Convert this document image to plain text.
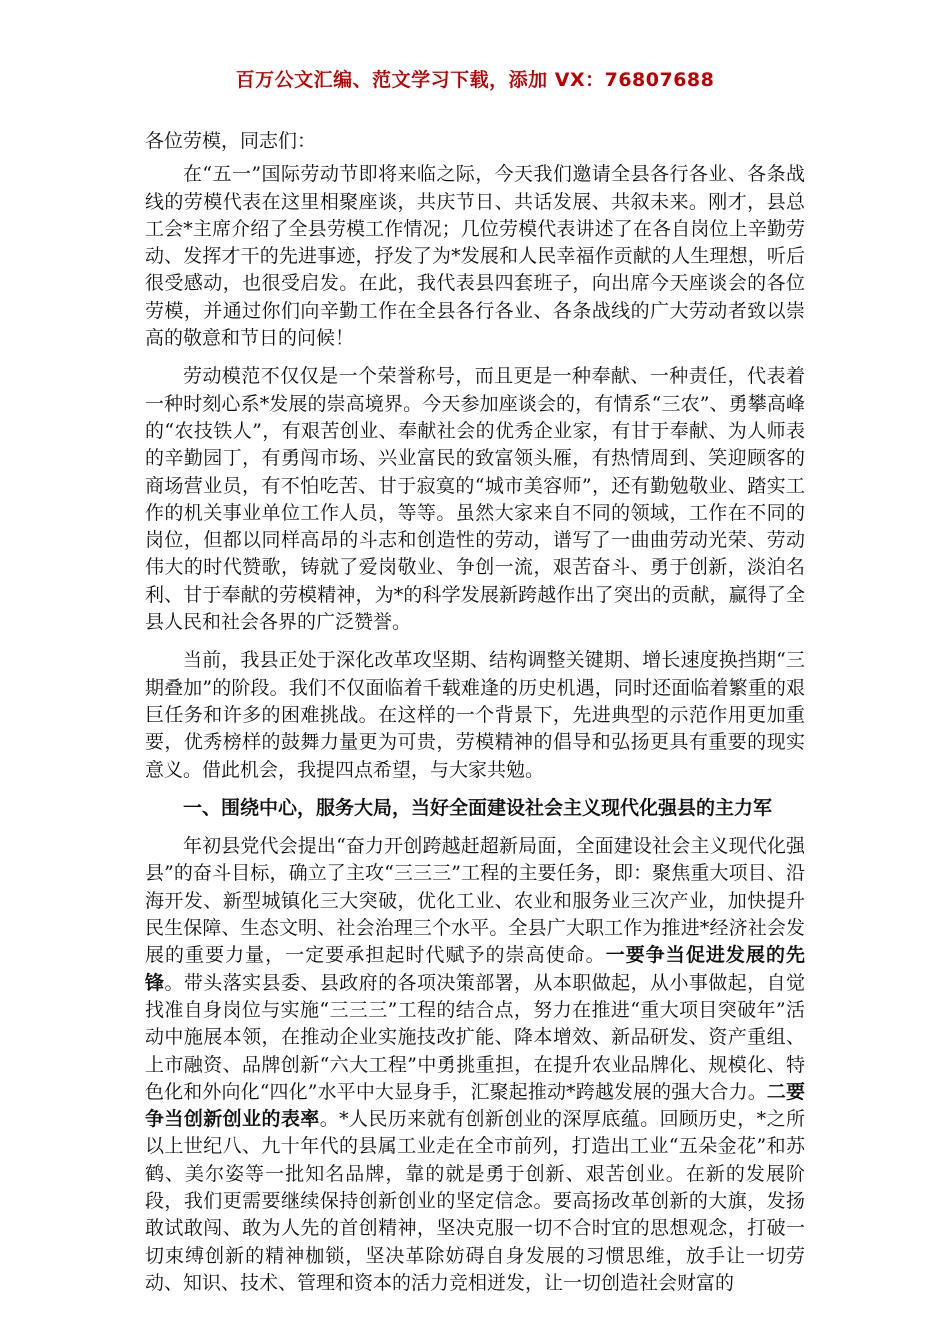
百万公文汇编、范文学习下载，添加 VX：76807688

各位劳模，同志们：

在“五一”国际劳动节即将来临之际，今天我们邀请全县各行各业、各条战线的劳模代表在这里相聚座谈，共庆节日、共话发展、共叙未来。刚才，县总工会*主席介绍了全县劳模工作情况；几位劳模代表讲述了在各自岗位上辛勤劳动、发挥才干的先进事迹，抒发了为*发展和人民幸福作贡献的人生理想，听后很受感动，也很受启发。在此，我代表县四套班子，向出席今天座谈会的各位劳模，并通过你们向辛勤工作在全县各行各业、各条战线的广大劳动者致以崇高的敬意和节日的问候！

劳动模范不仅仅是一个荣誉称号，而且更是一种奉献、一种责任，代表着一种时刻心系*发展的崇高境界。今天参加座谈会的，有情系“三农”、勇攀高峰的“农技铁人”，有艰苦创业、奉献社会的优秀企业家，有甘于奉献、为人师表的辛勤园丁，有勇闯市场、兴业富民的致富领头雁，有热情周到、笑迎顾客的商场营业员，有不怕吃苦、甘于寂寞的“城市美容师”，还有勤勉敬业、踏实工作的机关事业单位工作人员，等等。虽然大家来自不同的领域，工作在不同的岗位，但都以同样高昂的斗志和创造性的劳动，谱写了一曲曲劳动光荣、劳动伟大的时代赞歌，铸就了爱岗敬业、争创一流，艰苦奋斗、勇于创新，淡泊名利、甘于奉献的劳模精神，为*的科学发展新跨越作出了突出的贡献，赢得了全县人民和社会各界的广泛赞誉。

当前，我县正处于深化改革攻坚期、结构调整关键期、增长速度换挡期“三期叠加”的阶段。我们不仅面临着千载难逢的历史机遇，同时还面临着繁重的艰巨任务和许多的困难挑战。在这样的一个背景下，先进典型的示范作用更加重要，优秀榜样的鼓舞力量更为可贵，劳模精神的倡导和弘扬更具有重要的现实意义。借此机会，我提四点希望，与大家共勉。

一、围绕中心，服务大局，当好全面建设社会主义现代化强县的主力军

年初县党代会提出“奋力开创跨越赶超新局面，全面建设社会主义现代化强县”的奋斗目标，确立了主攻“三三三”工程的主要任务，即：聚焦重大项目、沿海开发、新型城镇化三大突破，优化工业、农业和服务业三次产业，加快提升民生保障、生态文明、社会治理三个水平。全县广大职工作为推进*经济社会发展的重要力量，一定要承担起时代赋予的崇高使命。一要争当促进发展的先锋。带头落实县委、县政府的各项决策部署，从本职做起，从小事做起，自觉找准自身岗位与实施“三三三”工程的结合点，努力在推进“重大项目突破年”活动中施展本领，在推动企业实施技改扩能、降本增效、新品研发、资产重组、上市融资、品牌创新“六大工程”中勇挑重担，在提升农业品牌化、规模化、特色化和外向化“四化”水平中大显身手，汇聚起推动*跨越发展的强大合力。二要争当创新创业的表率。*人民历来就有创新创业的深厚底蕴。回顾历史，*之所以上世纪八、九十年代的县属工业走在全市前列，打造出工业“五朵金花”和苏鹤、美尔姿等一批知名品牌，靠的就是勇于创新、艰苦创业。在新的发展阶段，我们更需要继续保持创新创业的坚定信念。要高扬改革创新的大旗，发扬敢试敢闯、敢为人先的首创精神，坚决克服一切不合时宜的思想观念，打破一切束缚创新的精神枷锁，坚决革除妨碍自身发展的习惯思维，放手让一切劳动、知识、技术、管理和资本的活力竞相迸发，让一切创造社会财富的
